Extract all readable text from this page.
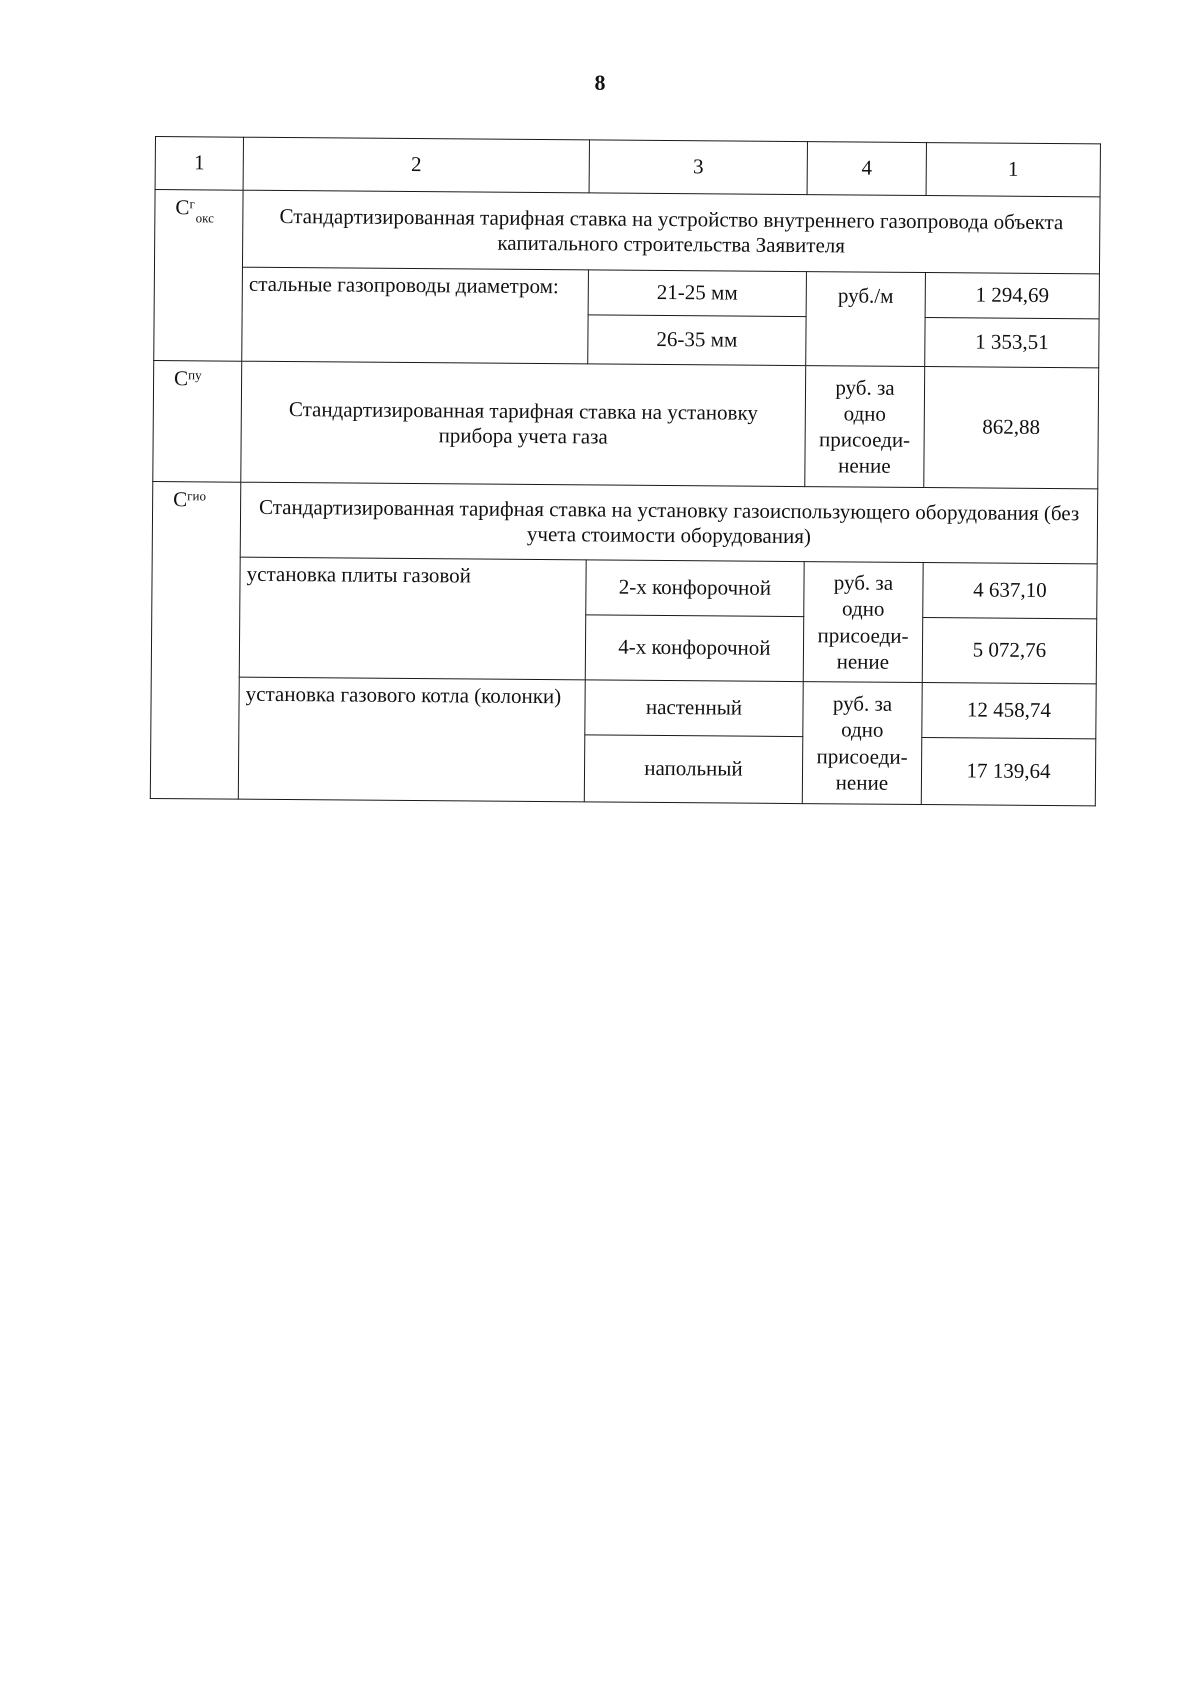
8
1	2	3	4	1
$С^г_{окс}$	Стандартизированная тарифная ставка на устройство внутреннего газопровода объекта капитального строительства Заявителя			
	стальные газопроводы диаметром:	21-25 мм	руб./м	1 294,69
		26-35 мм		1 353,51
$С^{пу}$	Стандартизированная тарифная ставка на установку прибора учета газа		руб. за одно присоеди-нение	862,88
$С^{гио}$	Стандартизированная тарифная ставка на установку газоиспользующего оборудования (без учета стоимости оборудования)			
	установка плиты газовой	2-х конфорочной	руб. за одно присоеди-нение	4 637,10
		4-х конфорочной		5 072,76
	установка газового котла (колонки)	настенный	руб. за одно присоеди-нение	12 458,74
		напольный		17 139,64
